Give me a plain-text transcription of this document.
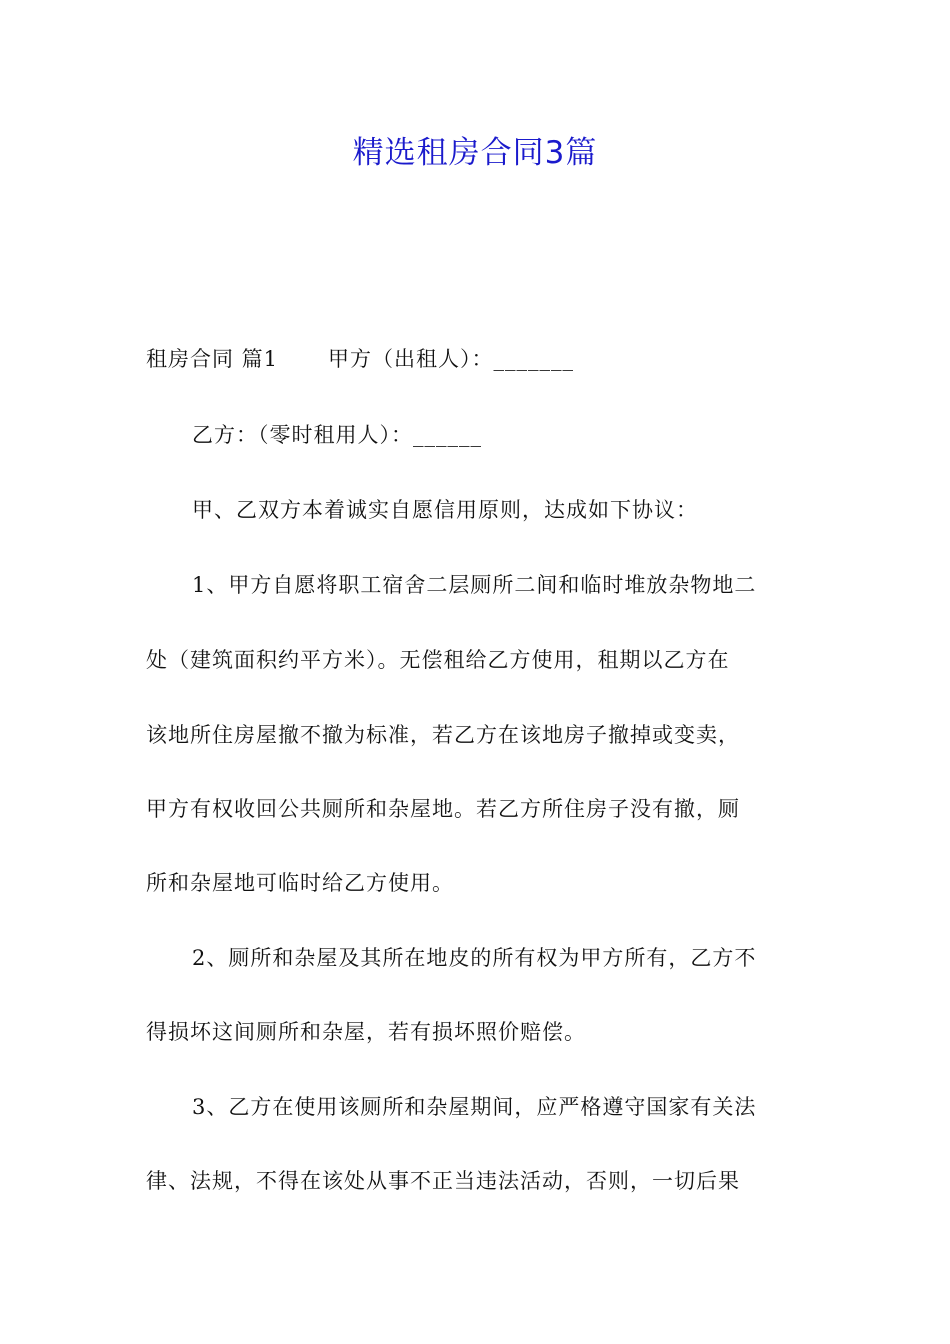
精选租房合同3篇
租房合同 篇1 甲方（出租人）：_______
乙方：（零时租用人）：______
甲、乙双方本着诚实自愿信用原则，达成如下协议：
1、甲方自愿将职工宿舍二层厕所二间和临时堆放杂物地二
处（建筑面积约平方米）。无偿租给乙方使用，租期以乙方在
该地所住房屋撤不撤为标准，若乙方在该地房子撤掉或变卖，
甲方有权收回公共厕所和杂屋地。若乙方所住房子没有撤，厕
所和杂屋地可临时给乙方使用。
2、厕所和杂屋及其所在地皮的所有权为甲方所有，乙方不
得损坏这间厕所和杂屋，若有损坏照价赔偿。
3、乙方在使用该厕所和杂屋期间，应严格遵守国家有关法
律、法规，不得在该处从事不正当违法活动，否则，一切后果
